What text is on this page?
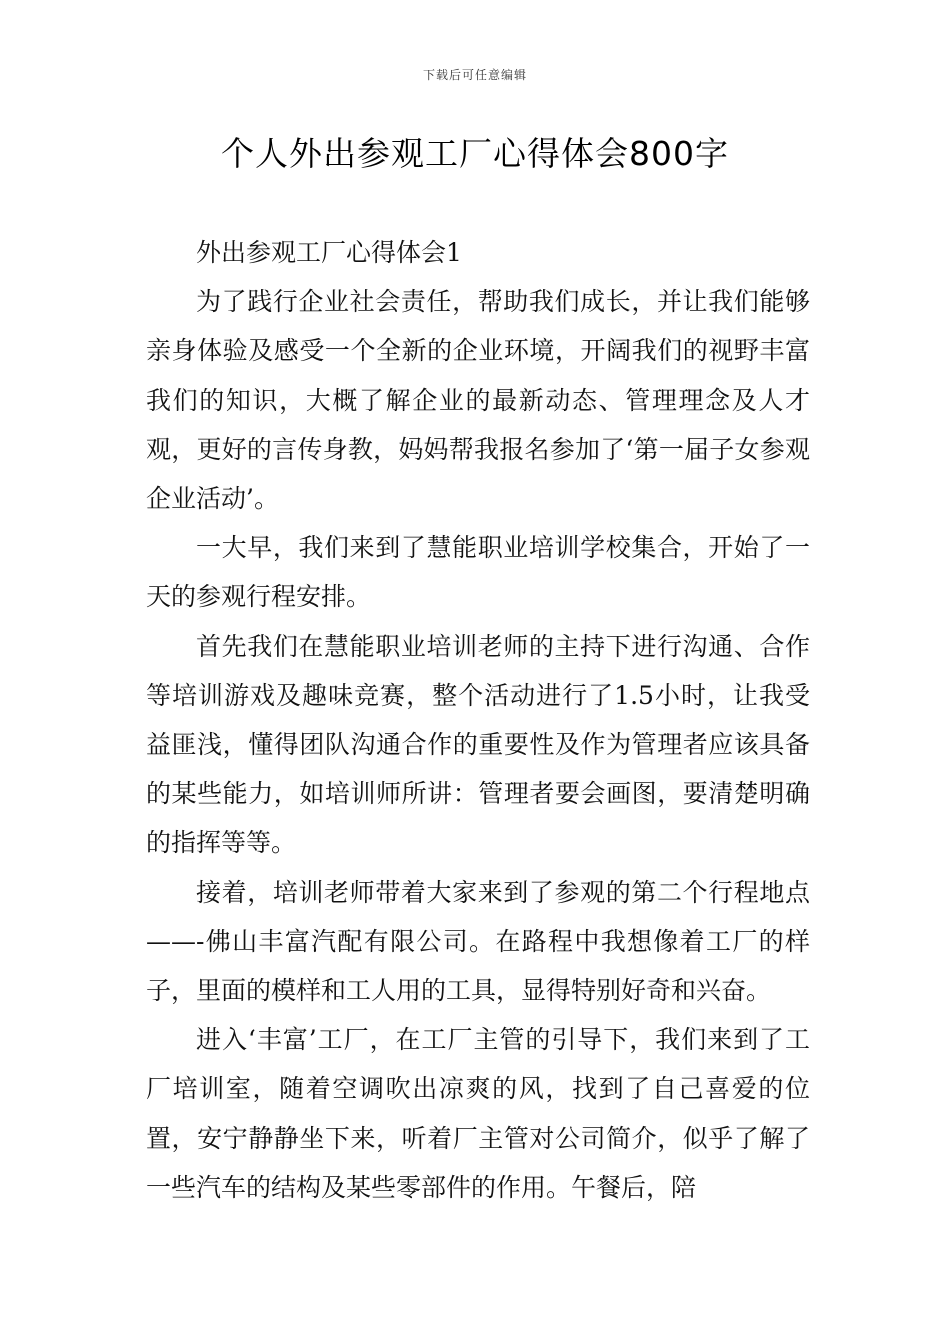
下载后可任意编辑
个人外出参观工厂心得体会800字

外出参观工厂心得体会1

为了践行企业社会责任，帮助我们成长，并让我们能够亲身体验及感受一个全新的企业环境，开阔我们的视野丰富我们的知识，大概了解企业的最新动态、管理理念及人才观，更好的言传身教，妈妈帮我报名参加了‘第一届子女参观企业活动’。

一大早，我们来到了慧能职业培训学校集合，开始了一天的参观行程安排。

首先我们在慧能职业培训老师的主持下进行沟通、合作等培训游戏及趣味竞赛，整个活动进行了1.5小时，让我受益匪浅，懂得团队沟通合作的重要性及作为管理者应该具备的某些能力，如培训师所讲：管理者要会画图，要清楚明确的指挥等等。

接着，培训老师带着大家来到了参观的第二个行程地点——-佛山丰富汽配有限公司。在路程中我想像着工厂的样子，里面的模样和工人用的工具，显得特别好奇和兴奋。

进入‘丰富’工厂，在工厂主管的引导下，我们来到了工厂培训室，随着空调吹出凉爽的风，找到了自己喜爱的位置，安宁静静坐下来，听着厂主管对公司简介，似乎了解了一些汽车的结构及某些零部件的作用。午餐后，陪
